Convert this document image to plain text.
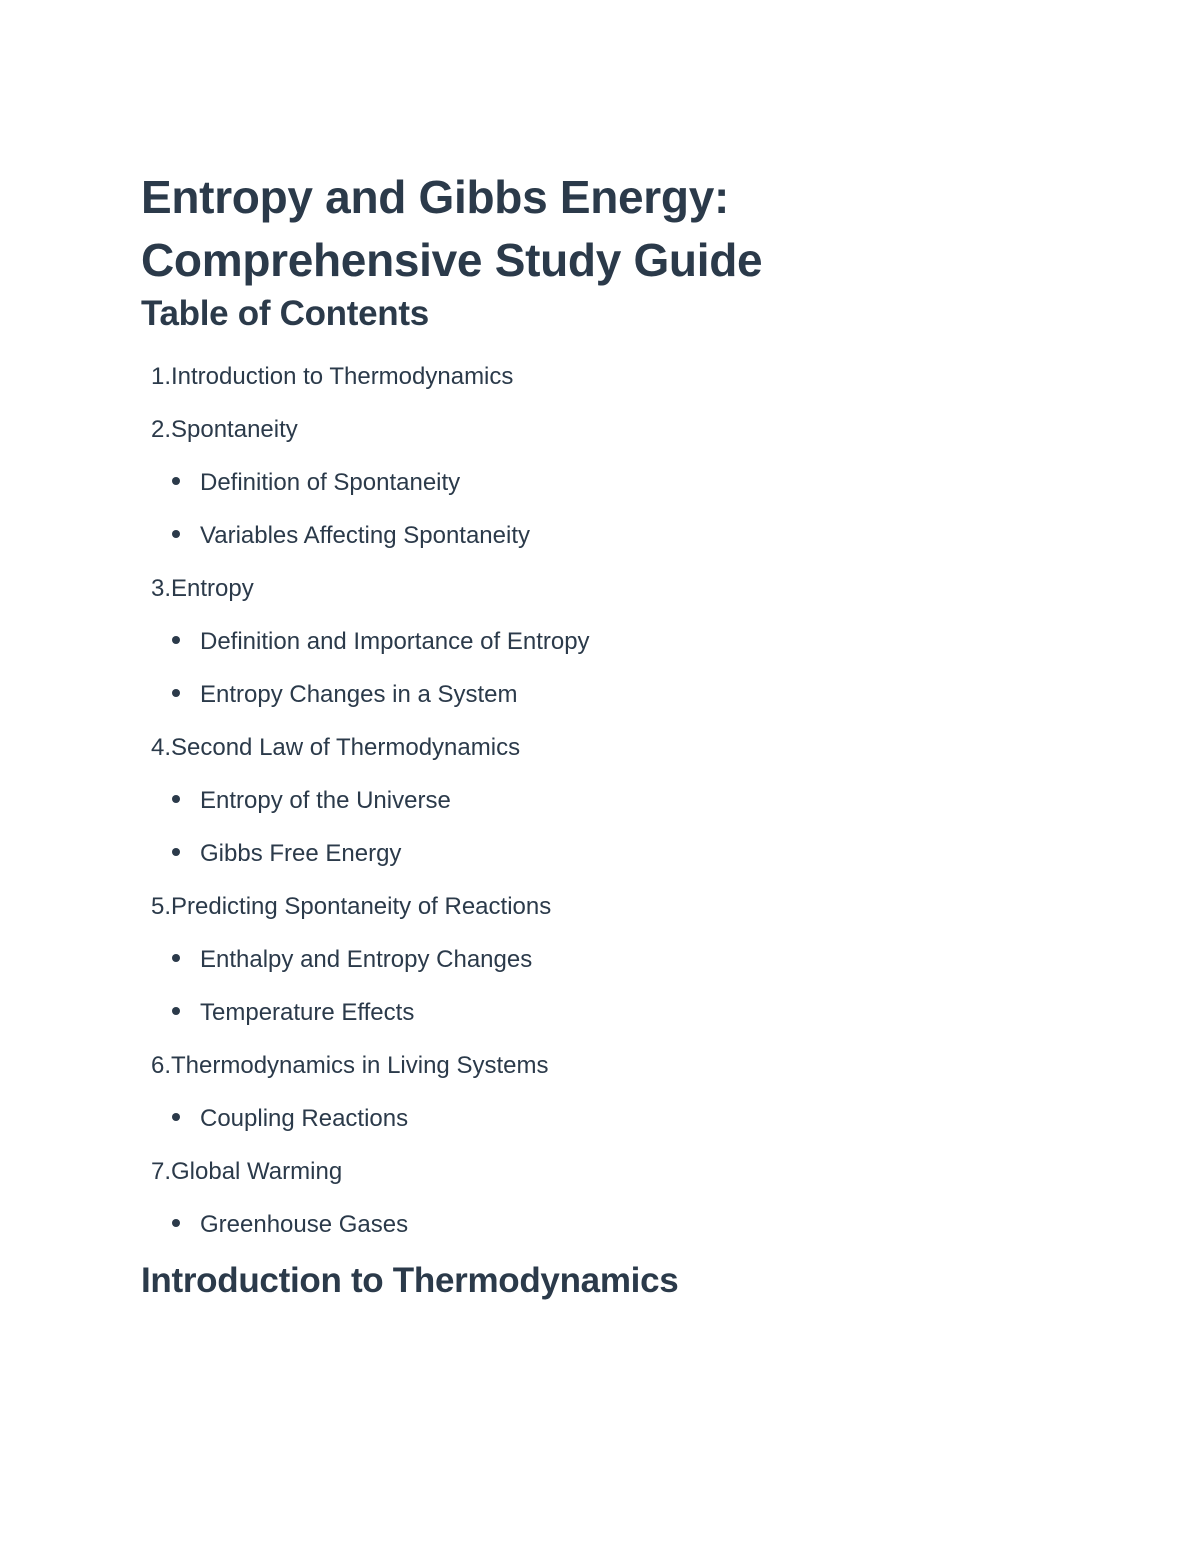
Entropy and Gibbs Energy:
Comprehensive Study Guide
Table of Contents
1. Introduction to Thermodynamics
2. Spontaneity
Definition of Spontaneity
Variables Affecting Spontaneity
3. Entropy
Definition and Importance of Entropy
Entropy Changes in a System
4. Second Law of Thermodynamics
Entropy of the Universe
Gibbs Free Energy
5. Predicting Spontaneity of Reactions
Enthalpy and Entropy Changes
Temperature Effects
6. Thermodynamics in Living Systems
Coupling Reactions
7. Global Warming
Greenhouse Gases
Introduction to Thermodynamics
